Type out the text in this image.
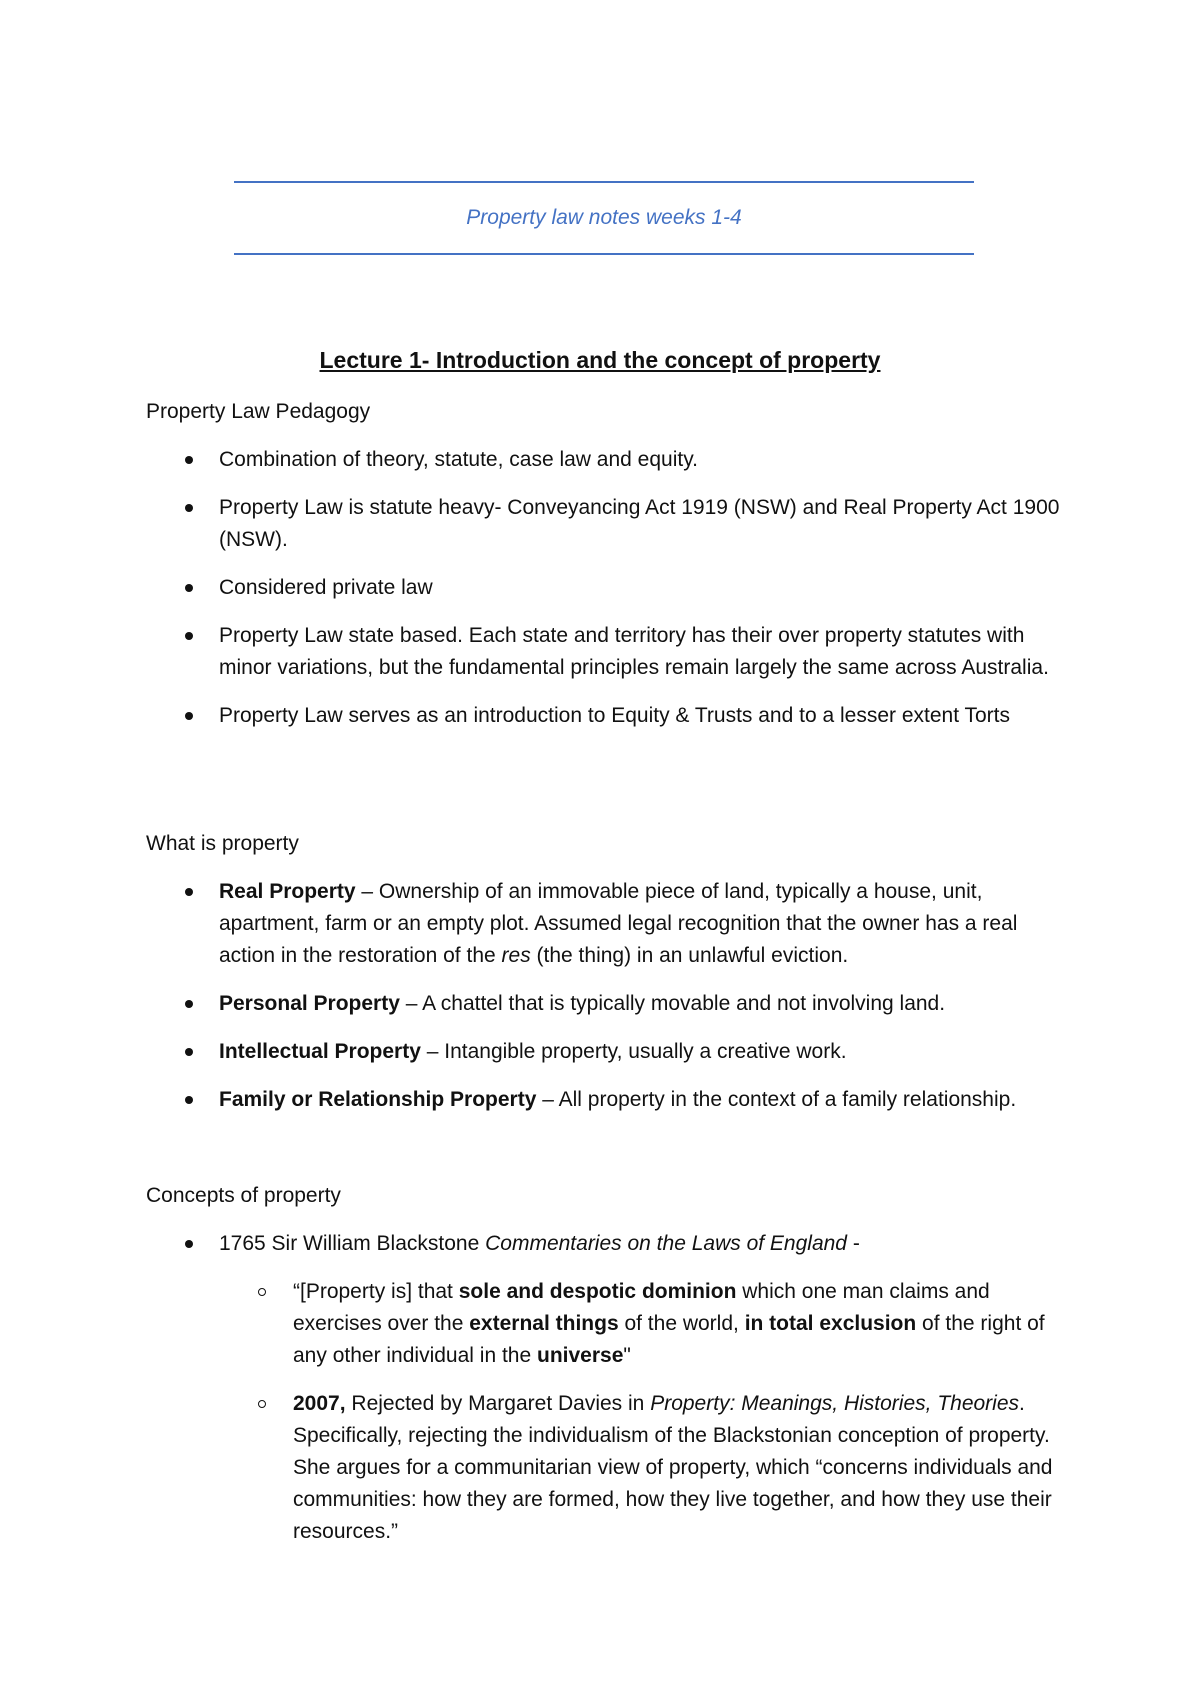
Property law notes weeks 1-4
Lecture 1- Introduction and the concept of property
Property Law Pedagogy
Combination of theory, statute, case law and equity.
Property Law is statute heavy- Conveyancing Act 1919 (NSW) and Real Property Act 1900 (NSW).
Considered private law
Property Law state based. Each state and territory has their over property statutes with minor variations, but the fundamental principles remain largely the same across Australia.
Property Law serves as an introduction to Equity & Trusts and to a lesser extent Torts
What is property
Real Property – Ownership of an immovable piece of land, typically a house, unit, apartment, farm or an empty plot. Assumed legal recognition that the owner has a real action in the restoration of the res (the thing) in an unlawful eviction.
Personal Property – A chattel that is typically movable and not involving land.
Intellectual Property – Intangible property, usually a creative work.
Family or Relationship Property – All property in the context of a family relationship.
Concepts of property
1765 Sir William Blackstone Commentaries on the Laws of England -
“[Property is] that sole and despotic dominion which one man claims and exercises over the external things of the world, in total exclusion of the right of any other individual in the universe"
2007, Rejected by Margaret Davies in Property: Meanings, Histories, Theories. Specifically, rejecting the individualism of the Blackstonian conception of property. She argues for a communitarian view of property, which “concerns individuals and communities: how they are formed, how they live together, and how they use their resources.”
